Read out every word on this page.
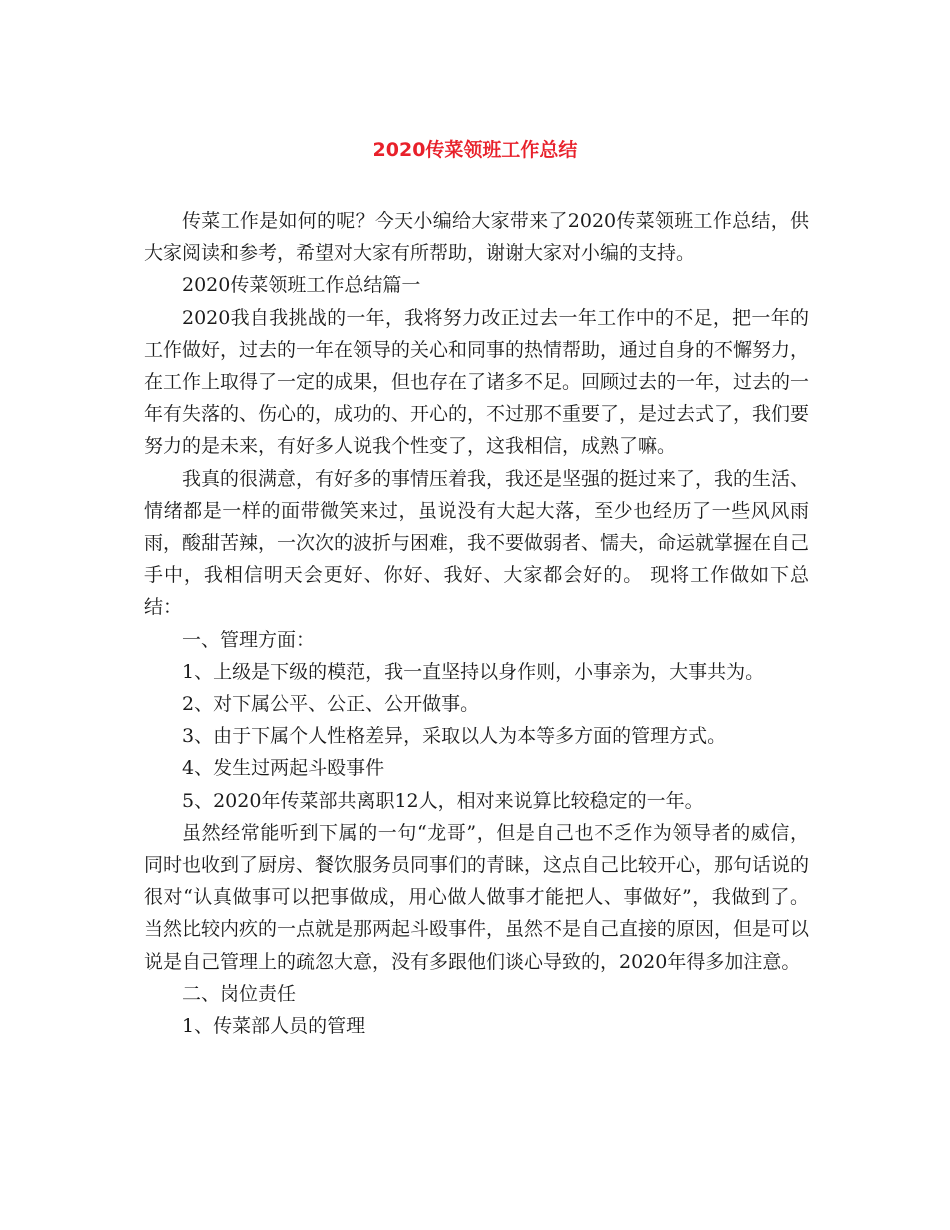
2020传菜领班工作总结

传菜工作是如何的呢？今天小编给大家带来了2020传菜领班工作总结，供大家阅读和参考，希望对大家有所帮助，谢谢大家对小编的支持。

2020传菜领班工作总结篇一

2020我自我挑战的一年，我将努力改正过去一年工作中的不足，把一年的工作做好，过去的一年在领导的关心和同事的热情帮助，通过自身的不懈努力，在工作上取得了一定的成果，但也存在了诸多不足。回顾过去的一年，过去的一年有失落的、伤心的，成功的、开心的，不过那不重要了，是过去式了，我们要努力的是未来，有好多人说我个性变了，这我相信，成熟了嘛。

我真的很满意，有好多的事情压着我，我还是坚强的挺过来了，我的生活、情绪都是一样的面带微笑来过，虽说没有大起大落，至少也经历了一些风风雨雨，酸甜苦辣，一次次的波折与困难，我不要做弱者、懦夫，命运就掌握在自己手中，我相信明天会更好、你好、我好、大家都会好的。 现将工作做如下总结：

一、管理方面：

1、上级是下级的模范，我一直坚持以身作则，小事亲为，大事共为。

2、对下属公平、公正、公开做事。

3、由于下属个人性格差异，采取以人为本等多方面的管理方式。

4、发生过两起斗殴事件

5、2020年传菜部共离职12人，相对来说算比较稳定的一年。

虽然经常能听到下属的一句“龙哥”，但是自己也不乏作为领导者的威信，同时也收到了厨房、餐饮服务员同事们的青睐，这点自己比较开心，那句话说的很对“认真做事可以把事做成，用心做人做事才能把人、事做好”，我做到了。当然比较内疚的一点就是那两起斗殴事件，虽然不是自己直接的原因，但是可以说是自己管理上的疏忽大意，没有多跟他们谈心导致的，2020年得多加注意。

二、岗位责任

1、传菜部人员的管理
